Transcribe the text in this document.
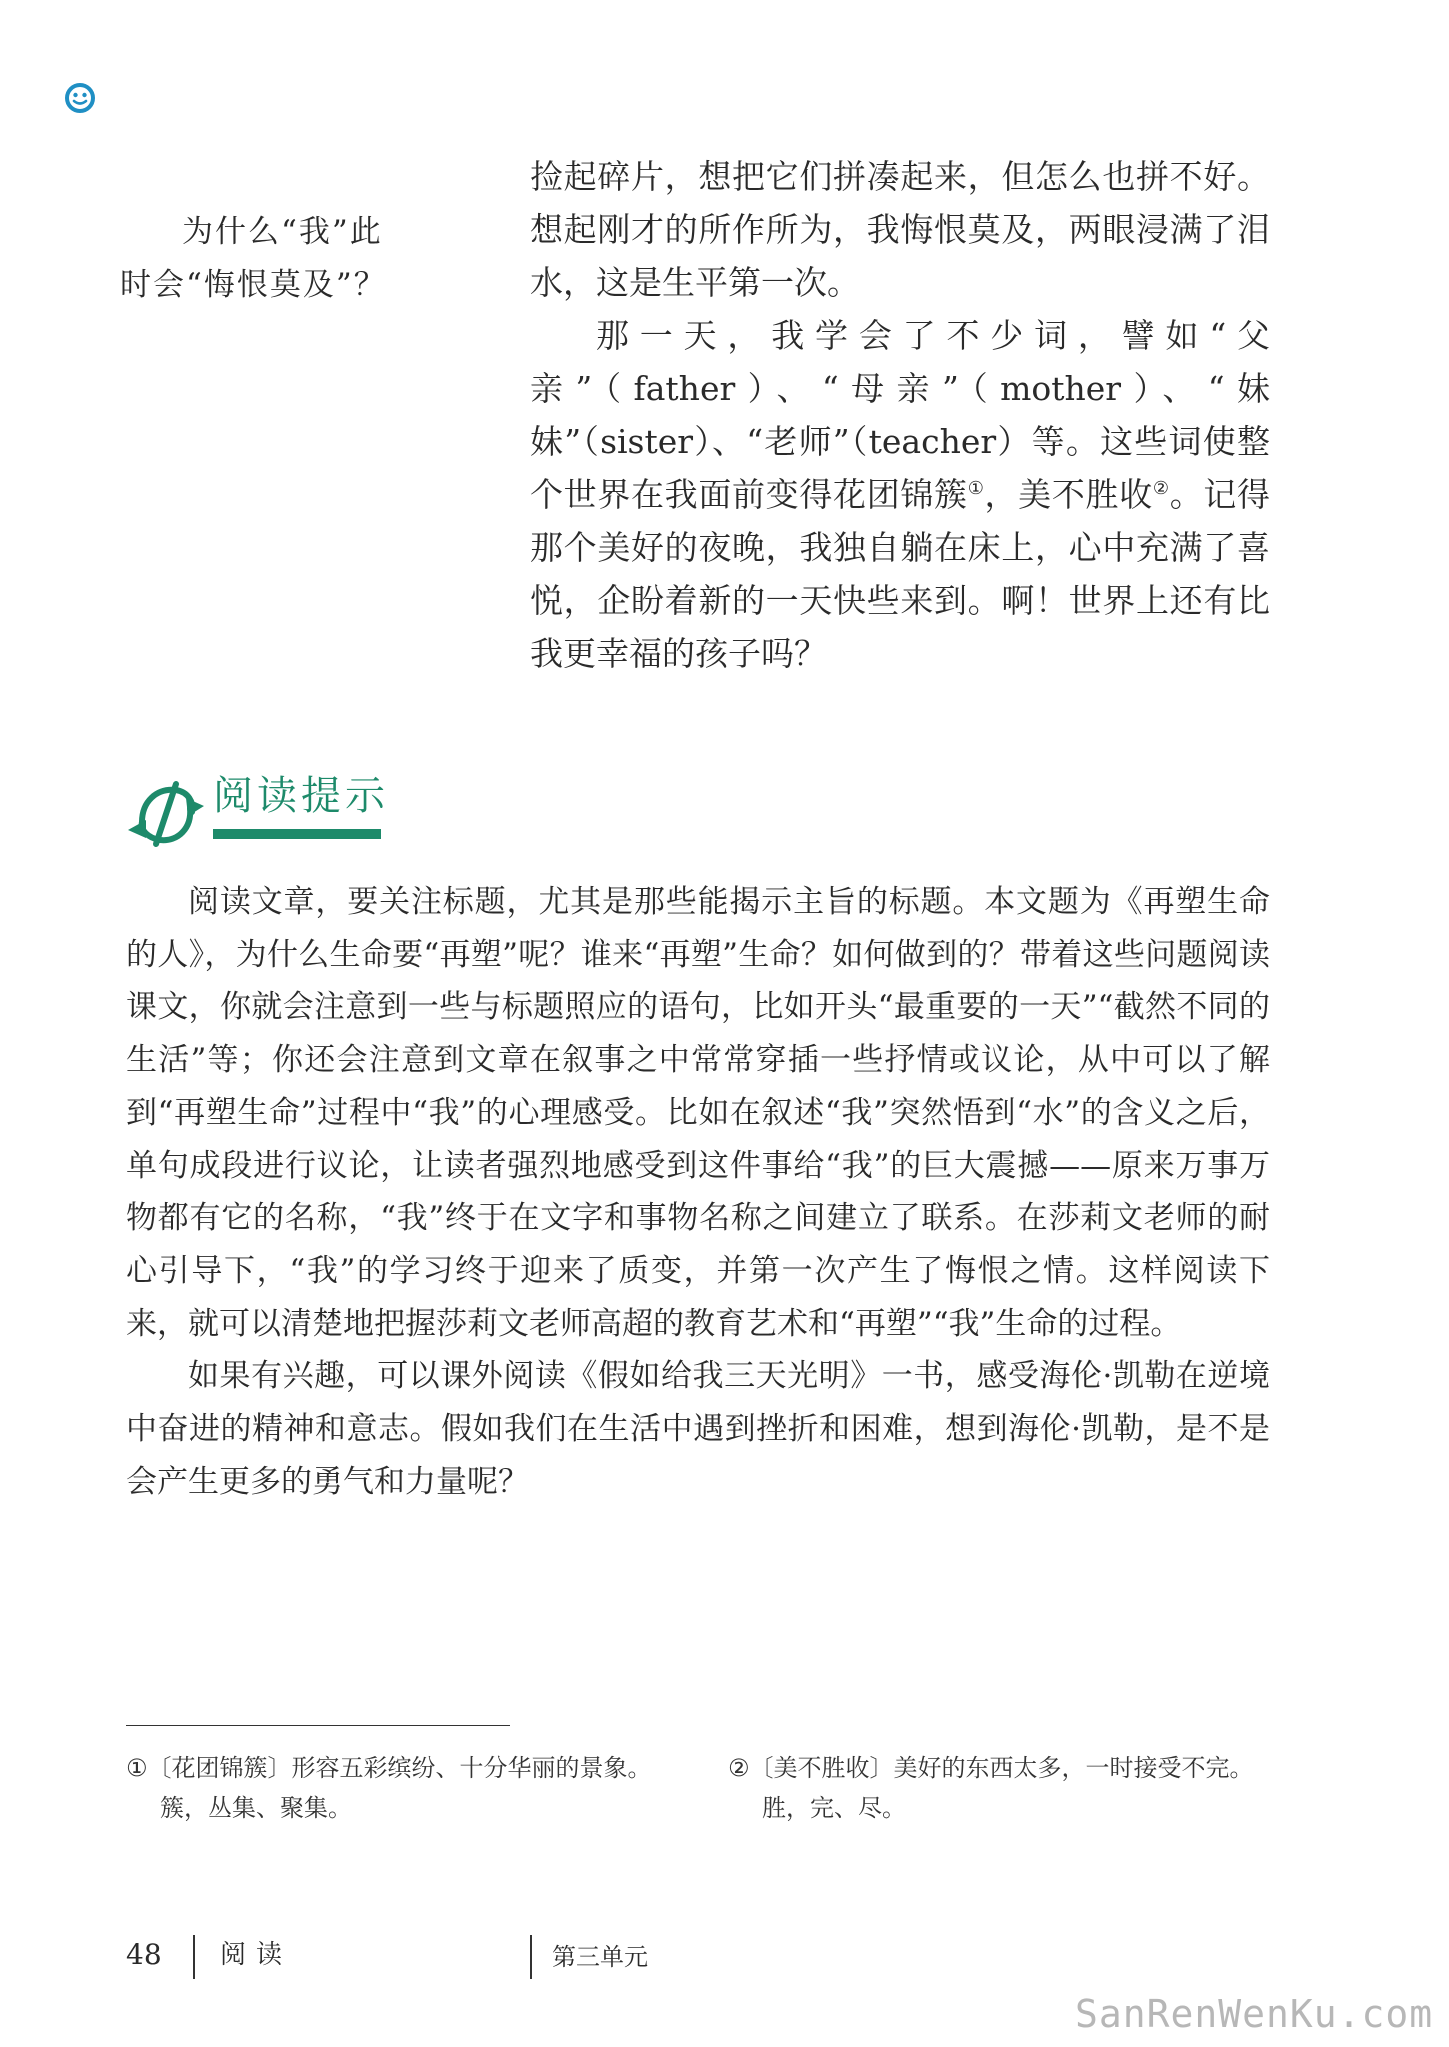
为什么“我”此

时会“悔恨莫及”？

捡起碎片，想把它们拼凑起来，但怎么也拼不好。想起刚才的所作所为，我悔恨莫及，两眼浸满了泪水，这是生平第一次。

那一天，我学会了不少词，譬如“父亲”（father）、“母亲”（mother）、“妹妹”（sister）、“老师”（teacher）等。这些词使整个世界在我面前变得花团锦簇①，美不胜收②。记得那个美好的夜晚，我独自躺在床上，心中充满了喜悦，企盼着新的一天快些来到。啊！世界上还有比我更幸福的孩子吗？

阅读提示

阅读文章，要关注标题，尤其是那些能揭示主旨的标题。本文题为《再塑生命的人》，为什么生命要“再塑”呢？谁来“再塑”生命？如何做到的？带着这些问题阅读课文，你就会注意到一些与标题照应的语句，比如开头“最重要的一天”“截然不同的生活”等；你还会注意到文章在叙事之中常常穿插一些抒情或议论，从中可以了解到“再塑生命”过程中“我”的心理感受。比如在叙述“我”突然悟到“水”的含义之后，单句成段进行议论，让读者强烈地感受到这件事给“我”的巨大震撼——原来万事万物都有它的名称，“我”终于在文字和事物名称之间建立了联系。在莎莉文老师的耐心引导下，“我”的学习终于迎来了质变，并第一次产生了悔恨之情。这样阅读下来，就可以清楚地把握莎莉文老师高超的教育艺术和“再塑”“我”生命的过程。

如果有兴趣，可以课外阅读《假如给我三天光明》一书，感受海伦·凯勒在逆境中奋进的精神和意志。假如我们在生活中遇到挫折和困难，想到海伦·凯勒，是不是会产生更多的勇气和力量呢？

①〔花团锦簇〕形容五彩缤纷、十分华丽的景象。
簇，丛集、聚集。
②〔美不胜收〕美好的东西太多，一时接受不完。
胜，完、尽。
48 阅读	第三单元
SanRenWenKu.com
